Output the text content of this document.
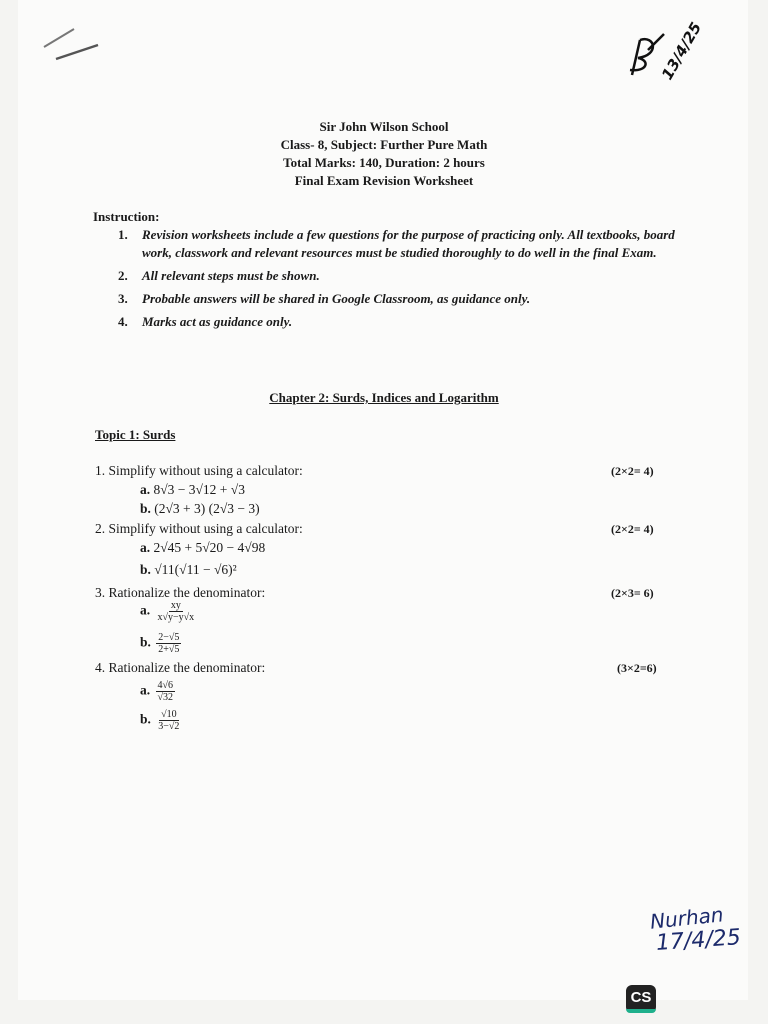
13/4/25
Sir John Wilson School
Class- 8, Subject: Further Pure Math
Total Marks: 140, Duration: 2 hours
Final Exam Revision Worksheet
Instruction:
1.	Revision worksheets include a few questions for the purpose of practicing only. All textbooks, board work, classwork and relevant resources must be studied thoroughly to do well in the final Exam.
2.	All relevant steps must be shown.
3.	Probable answers will be shared in Google Classroom, as guidance only.
4.	Marks act as guidance only.
Chapter 2: Surds, Indices and Logarithm
Topic 1: Surds
1. Simplify without using a calculator:	(2×2= 4)
a. 8√3 − 3√12 + √3
b. (2√3 + 3) (2√3 − 3)
2. Simplify without using a calculator:	(2×2= 4)
a. 2√45 + 5√20 − 4√98
b. √11(√11 − √6)²
3. Rationalize the denominator:	(2×3= 6)
a. $\frac{xy}{x√y-y√x}$
b. $\frac{2-√5}{2+√5}$
4. Rationalize the denominator:	(3×2=6)
a. $\frac{4√6}{√32}$
b. $\frac{√10}{3-√2}$
Nurhan
17/4/25
CS
